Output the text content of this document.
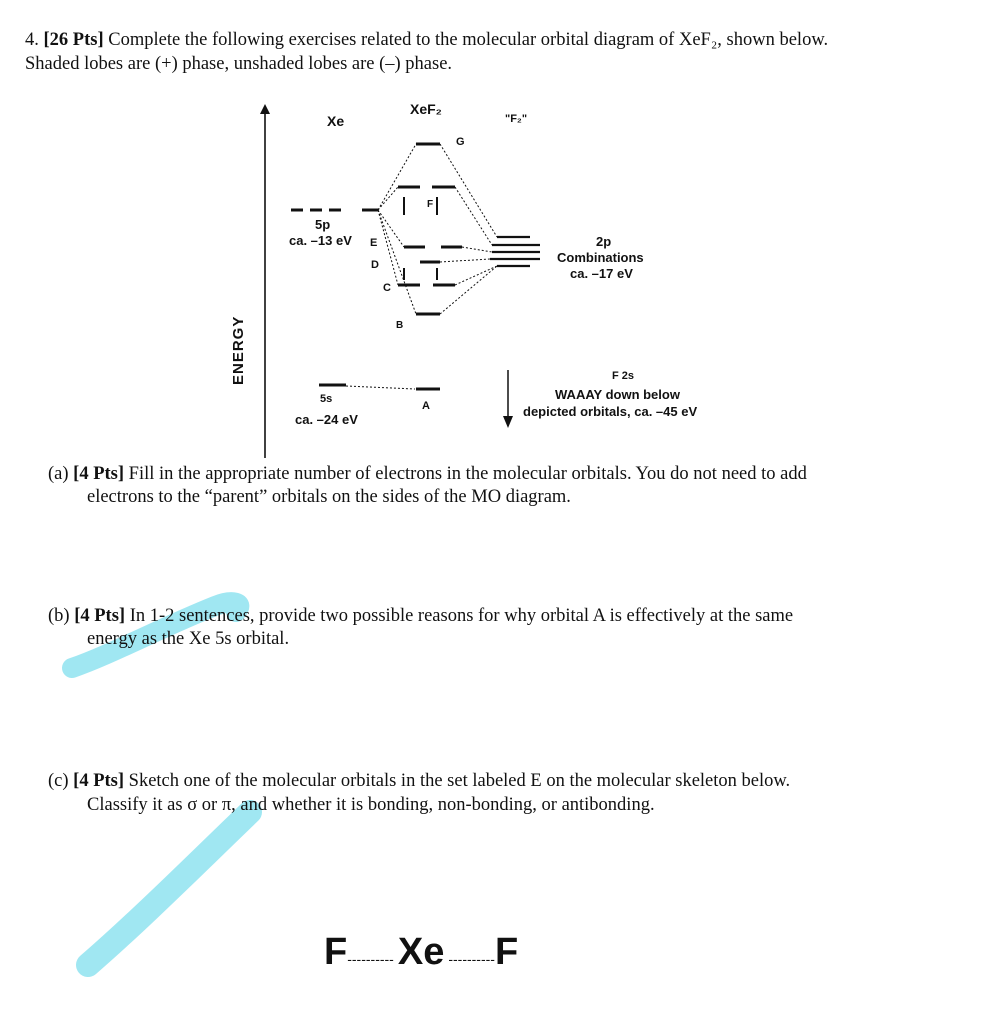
4. [26 Pts] Complete the following exercises related to the molecular orbital diagram of XeF₂, shown below.
Shaded lobes are (+) phase, unshaded lobes are (–) phase.
ENERGY
Xe
XeF₂
"F₂"
5p
ca. –13 eV
5s
ca. –24 eV
2p
Combinations
ca. –17 eV
F 2s
WAAAY down below
depicted orbitals, ca. –45 eV
A
B
C
D
E
F
G
(a) [4 Pts] Fill in the appropriate number of electrons in the molecular orbitals. You do not need to add
electrons to the “parent” orbitals on the sides of the MO diagram.
(b) [4 Pts] In 1-2 sentences, provide two possible reasons for why orbital A is effectively at the same
energy as the Xe 5s orbital.
(c) [4 Pts] Sketch one of the molecular orbitals in the set labeled E on the molecular skeleton below.
Classify it as σ or π, and whether it is bonding, non-bonding, or antibonding.
F ---------- Xe ---------- F
